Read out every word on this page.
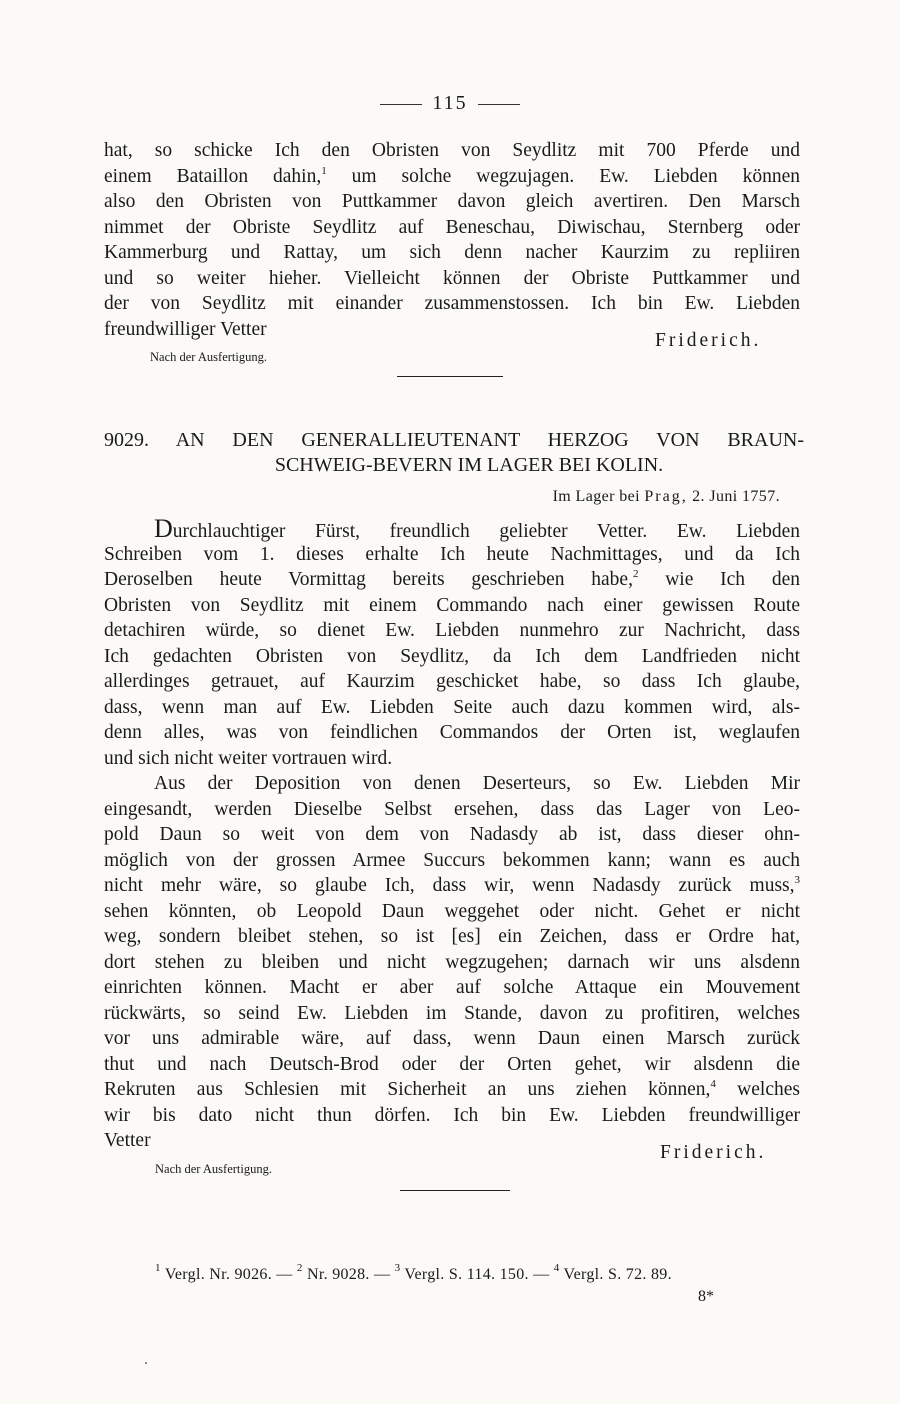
115
hat, so schicke Ich den Obristen von Seydlitz mit 700 Pferde und
einem Bataillon dahin,$^1$ um solche wegzujagen. Ew. Liebden können
also den Obristen von Puttkammer davon gleich avertiren. Den Marsch
nimmet der Obriste Seydlitz auf Beneschau, Diwischau, Sternberg oder
Kammerburg und Rattay, um sich denn nacher Kaurzim zu repliiren
und so weiter hieher. Vielleicht können der Obriste Puttkammer und
der von Seydlitz mit einander zusammenstossen. Ich bin Ew. Liebden
freundwilliger Vetter
Friderich.
Nach der Ausfertigung.
9029. AN DEN GENERALLIEUTENANT HERZOG VON BRAUN-
SCHWEIG-BEVERN IM LAGER BEI KOLIN.
Im Lager bei Prag, 2. Juni 1757.
Durchlauchtiger Fürst, freundlich geliebter Vetter. Ew. Liebden
Schreiben vom 1. dieses erhalte Ich heute Nachmittages, und da Ich
Deroselben heute Vormittag bereits geschrieben habe,$^2$ wie Ich den
Obristen von Seydlitz mit einem Commando nach einer gewissen Route
detachiren würde, so dienet Ew. Liebden nunmehro zur Nachricht, dass
Ich gedachten Obristen von Seydlitz, da Ich dem Landfrieden nicht
allerdinges getrauet, auf Kaurzim geschicket habe, so dass Ich glaube,
dass, wenn man auf Ew. Liebden Seite auch dazu kommen wird, als-
denn alles, was von feindlichen Commandos der Orten ist, weglaufen
und sich nicht weiter vortrauen wird.
Aus der Deposition von denen Deserteurs, so Ew. Liebden Mir
eingesandt, werden Dieselbe Selbst ersehen, dass das Lager von Leo-
pold Daun so weit von dem von Nadasdy ab ist, dass dieser ohn-
möglich von der grossen Armee Succurs bekommen kann; wann es auch
nicht mehr wäre, so glaube Ich, dass wir, wenn Nadasdy zurück muss,$^3$
sehen könnten, ob Leopold Daun weggehet oder nicht. Gehet er nicht
weg, sondern bleibet stehen, so ist [es] ein Zeichen, dass er Ordre hat,
dort stehen zu bleiben und nicht wegzugehen; darnach wir uns alsdenn
einrichten können. Macht er aber auf solche Attaque ein Mouvement
rückwärts, so seind Ew. Liebden im Stande, davon zu profitiren, welches
vor uns admirable wäre, auf dass, wenn Daun einen Marsch zurück
thut und nach Deutsch-Brod oder der Orten gehet, wir alsdenn die
Rekruten aus Schlesien mit Sicherheit an uns ziehen können,$^4$ welches
wir bis dato nicht thun dörfen. Ich bin Ew. Liebden freundwilliger
Vetter
Friderich.
Nach der Ausfertigung.
$^1$ Vergl. Nr. 9026. — $^2$ Nr. 9028. — $^3$ Vergl. S. 114. 150. — $^4$ Vergl. S. 72. 89.
8*
